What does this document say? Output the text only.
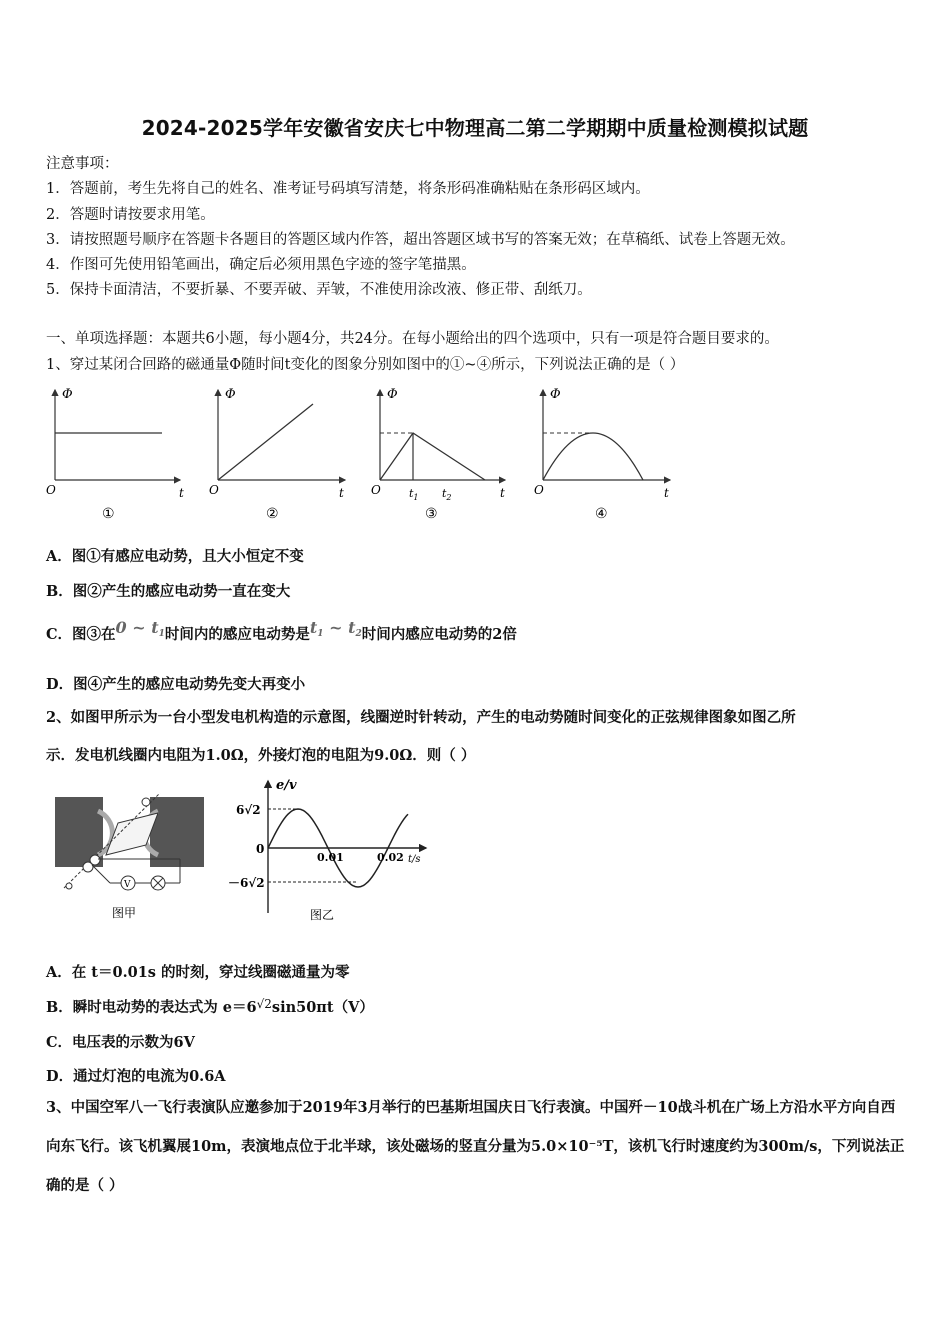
2024-2025学年安徽省安庆七中物理高二第二学期期中质量检测模拟试题
注意事项：
1．答题前，考生先将自己的姓名、准考证号码填写清楚，将条形码准确粘贴在条形码区域内。
2．答题时请按要求用笔。
3．请按照题号顺序在答题卡各题目的答题区域内作答，超出答题区域书写的答案无效；在草稿纸、试卷上答题无效。
4．作图可先使用铅笔画出，确定后必须用黑色字迹的签字笔描黑。
5．保持卡面清洁，不要折暴、不要弄破、弄皱，不准使用涂改液、修正带、刮纸刀。
一、单项选择题：本题共6小题，每小题4分，共24分。在每小题给出的四个选项中，只有一项是符合题目要求的。
1、穿过某闭合回路的磁通量Φ随时间t变化的图象分别如图中的①~④所示，下列说法正确的是（ ）
Φ
t
O
①
Φ
t
O
②
Φ
t
O	$t_1$ $t_2$
③
Φ
t
O
④
A．图①有感应电动势，且大小恒定不变
B．图②产生的感应电动势一直在变大
C．图③在0 ~ $t_1$时间内的感应电动势是$t_1$ ~ $t_2$时间内感应电动势的2倍
D．图④产生的感应电动势先变大再变小
2、如图甲所示为一台小型发电机构造的示意图，线圈逆时针转动，产生的电动势随时间变化的正弦规律图象如图乙所
示．发电机线圈内电阻为1.0Ω，外接灯泡的电阻为9.0Ω．则（ ）
V
图甲
e/v
6√2
－6√2
0
0.01	0.02 t/s
图乙
A．在 t＝0.01s 的时刻，穿过线圈磁通量为零
B．瞬时电动势的表达式为 $e=6^{√2}\sin 50\pi t(V)$
C．电压表的示数为6V
D．通过灯泡的电流为0.6A
3、中国空军八一飞行表演队应邀参加于2019年3月举行的巴基斯坦国庆日飞行表演。中国歼－10战斗机在广场上方沿水平方向自西向东飞行。该飞机翼展10m，表演地点位于北半球，该处磁场的竖直分量为5.0×10⁻⁵T，该机飞行时速度约为300m/s，下列说法正确的是（ ）
